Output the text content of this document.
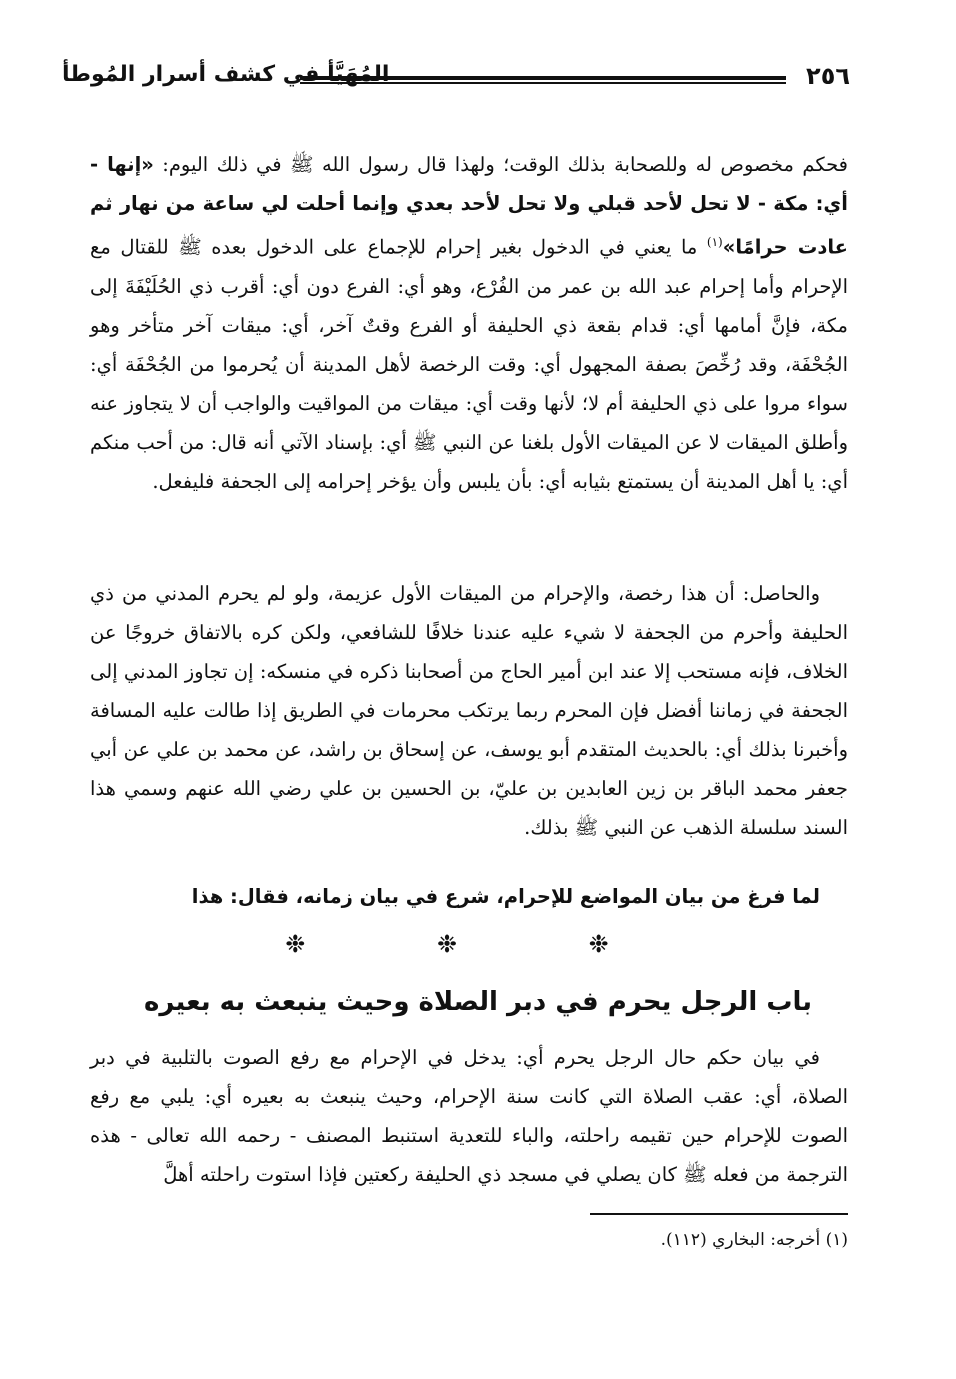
٢٥٦
المُهَيَّأ في كشف أسرار المُوطأ

فحكم مخصوص له وللصحابة بذلك الوقت؛ ولهذا قال رسول الله ﷺ في ذلك اليوم: «إنها - أي: مكة - لا تحل لأحد قبلي ولا تحل لأحد بعدي وإنما أحلت لي ساعة من نهار ثم عادت حرامًا»$^{(١)}$ ما يعني في الدخول بغير إحرام للإجماع على الدخول بعده ﷺ للقتال مع الإحرام وأما إحرام عبد الله بن عمر من الفُرْع، وهو أي: الفرع دون أي: أقرب ذي الحُلَيْفَةَ إلى مكة، فإنَّ أمامها أي: قدام بقعة ذي الحليفة أو الفرع وقتٌ آخر، أي: ميقات آخر متأخر وهو الجُحْفَة، وقد رُخِّصَ بصفة المجهول أي: وقت الرخصة لأهل المدينة أن يُحرموا من الجُحْفَة أي: سواء مروا على ذي الحليفة أم لا؛ لأنها وقت أي: ميقات من المواقيت والواجب أن لا يتجاوز عنه وأطلق الميقات لا عن الميقات الأول بلغنا عن النبي ﷺ أي: بإسناد الآتي أنه قال: من أحب منكم أي: يا أهل المدينة أن يستمتع بثيابه أي: بأن يلبس وأن يؤخر إحرامه إلى الجحفة فليفعل.

والحاصل: أن هذا رخصة، والإحرام من الميقات الأول عزيمة، ولو لم يحرم المدني من ذي الحليفة وأحرم من الجحفة لا شيء عليه عندنا خلافًا للشافعي، ولكن كره بالاتفاق خروجًا عن الخلاف، فإنه مستحب إلا عند ابن أمير الحاج من أصحابنا ذكره في منسكه: إن تجاوز المدني إلى الجحفة في زماننا أفضل فإن المحرم ربما يرتكب محرمات في الطريق إذا طالت عليه المسافة وأخبرنا بذلك أي: بالحديث المتقدم أبو يوسف، عن إسحاق بن راشد، عن محمد بن علي عن أبي جعفر محمد الباقر بن زين العابدين بن عليّ، بن الحسين بن علي رضي الله عنهم وسمي هذا السند سلسلة الذهب عن النبي ﷺ بذلك.

لما فرغ من بيان المواضع للإحرام، شرع في بيان زمانه، فقال: هذا

❉ ❉ ❉
باب الرجل يحرم في دبر الصلاة وحيث ينبعث به بعيره

في بيان حكم حال الرجل يحرم أي: يدخل في الإحرام مع رفع الصوت بالتلبية في دبر الصلاة، أي: عقب الصلاة التي كانت سنة الإحرام، وحيث ينبعث به بعيره أي: يلبي مع رفع الصوت للإحرام حين تقيمه راحلته، والباء للتعدية استنبط المصنف - رحمه الله تعالى - هذه الترجمة من فعله ﷺ كان يصلي في مسجد ذي الحليفة ركعتين فإذا استوت راحلته أهلَّ

(١) أخرجه: البخاري (١١٢).
